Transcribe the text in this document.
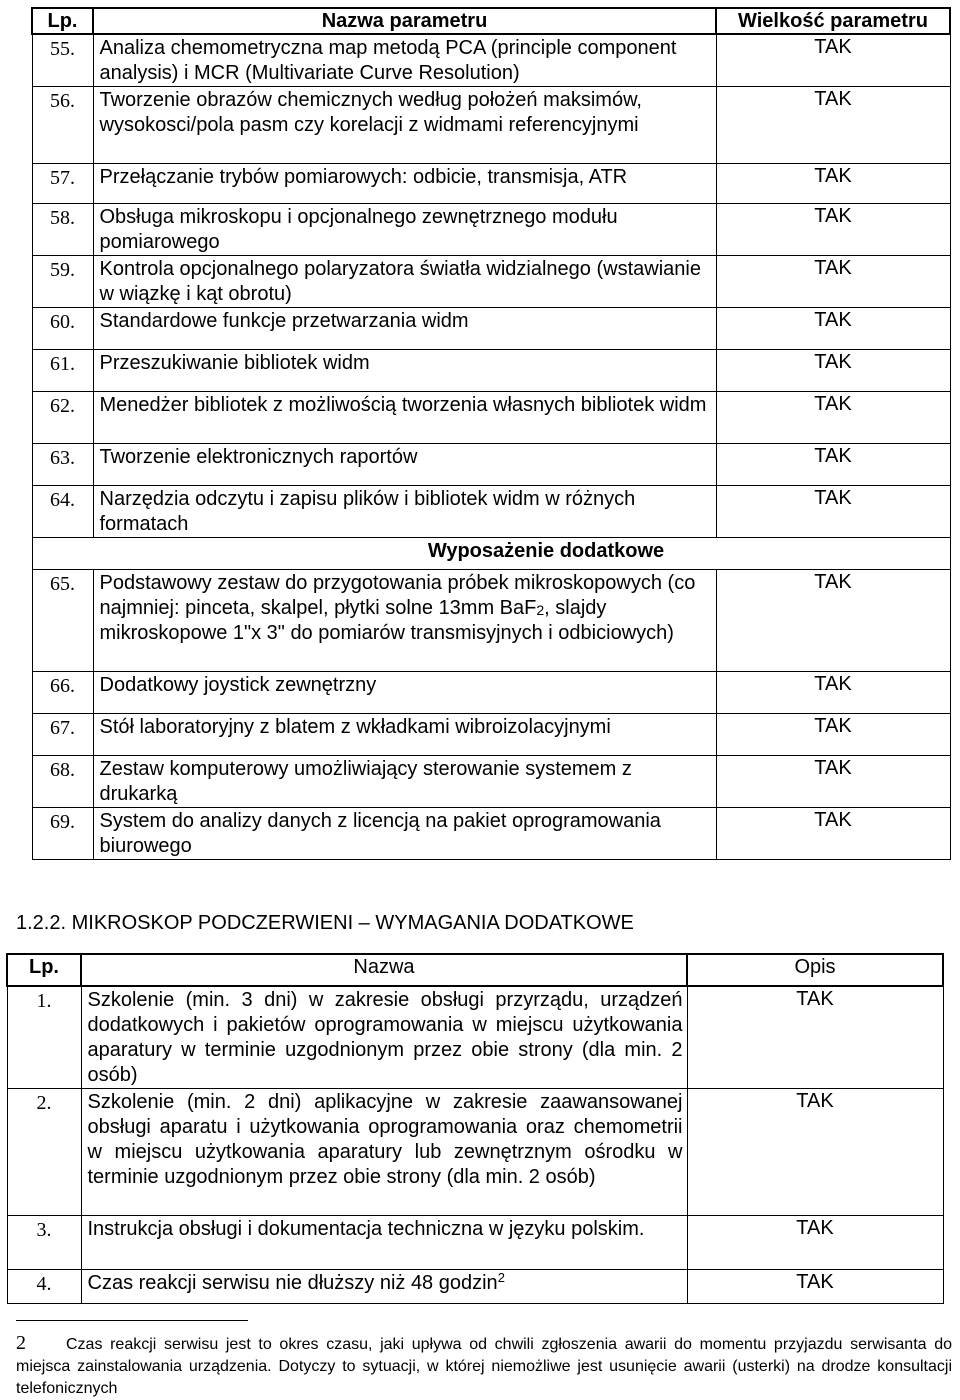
Lp.	Nazwa parametru	Wielkość parametru
55.	Analiza chemometryczna map metodą PCA (principle component analysis) i MCR (Multivariate Curve Resolution)	TAK
56.	Tworzenie obrazów chemicznych według położeń maksimów, wysokosci/pola pasm czy korelacji z widmami referencyjnymi	TAK
57.	Przełączanie trybów pomiarowych: odbicie, transmisja, ATR	TAK
58.	Obsługa mikroskopu i opcjonalnego zewnętrznego modułu pomiarowego	TAK
59.	Kontrola opcjonalnego polaryzatora światła widzialnego (wstawianie w wiązkę i kąt obrotu)	TAK
60.	Standardowe funkcje przetwarzania widm	TAK
61.	Przeszukiwanie bibliotek widm	TAK
62.	Menedżer bibliotek z możliwością tworzenia własnych bibliotek widm	TAK
63.	Tworzenie elektronicznych raportów	TAK
64.	Narzędzia odczytu i zapisu plików i bibliotek widm w różnych formatach	TAK
Wyposażenie dodatkowe		
65.	Podstawowy zestaw do przygotowania próbek mikroskopowych (co najmniej: pinceta, skalpel, płytki solne 13mm BaF$_2$, slajdy mikroskopowe 1"x 3" do pomiarów transmisyjnych i odbiciowych)	TAK
66.	Dodatkowy joystick zewnętrzny	TAK
67.	Stół laboratoryjny z blatem z wkładkami wibroizolacyjnymi	TAK
68.	Zestaw komputerowy umożliwiający sterowanie systemem z drukarką	TAK
69.	System do analizy danych z licencją na pakiet oprogramowania biurowego	TAK
1.2.2. MIKROSKOP PODCZERWIENI – WYMAGANIA DODATKOWE
Lp.	Nazwa	Opis
1.	Szkolenie (min. 3 dni) w zakresie obsługi przyrządu, urządzeń dodatkowych i pakietów oprogramowania w miejscu użytkowania aparatury w terminie uzgodnionym przez obie strony (dla min. 2 osób)	TAK
2.	Szkolenie (min. 2 dni) aplikacyjne w zakresie zaawansowanej obsługi aparatu i użytkowania oprogramowania oraz chemometrii w miejscu użytkowania aparatury lub zewnętrznym ośrodku w terminie uzgodnionym przez obie strony (dla min. 2 osób)	TAK
3.	Instrukcja obsługi i dokumentacja techniczna w języku polskim.	TAK
4.	Czas reakcji serwisu nie dłuższy niż 48 godzin$^2$	TAK
2	Czas reakcji serwisu jest to okres czasu, jaki upływa od chwili zgłoszenia awarii do momentu przyjazdu serwisanta do miejsca zainstalowania urządzenia. Dotyczy to sytuacji, w której niemożliwe jest usunięcie awarii (usterki) na drodze konsultacji telefonicznych
